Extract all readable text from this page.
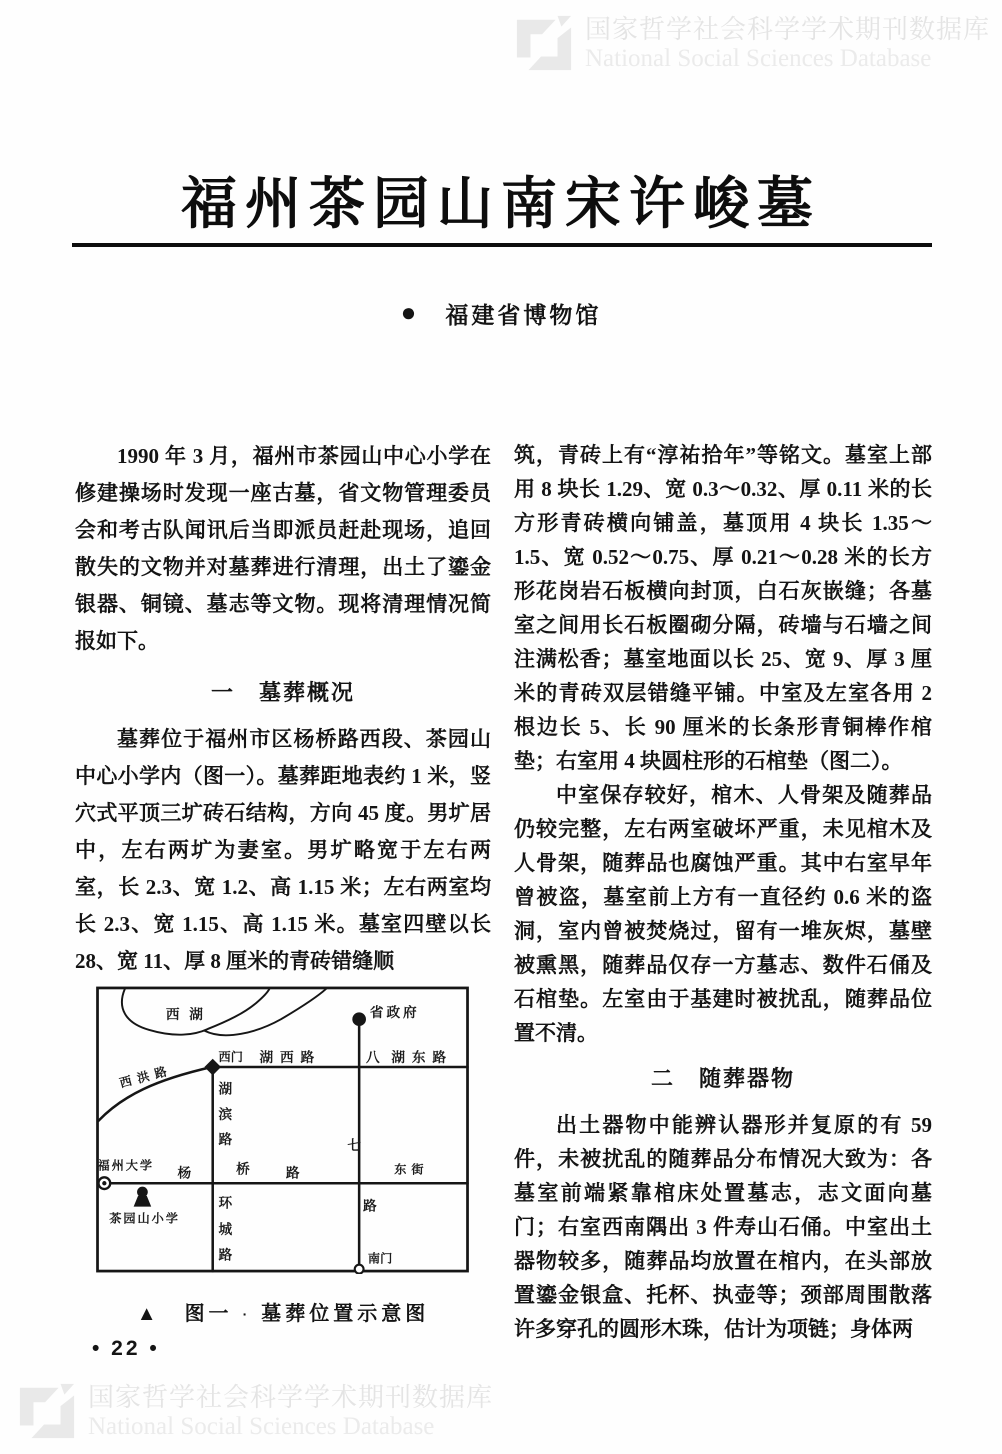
国家哲学社会科学学术期刊数据库
National Social Sciences Database
福州茶园山南宋许峻墓
● 福建省博物馆

1990 年 3 月，福州市茶园山中心小学在修建操场时发现一座古墓，省文物管理委员会和考古队闻讯后当即派员赶赴现场，追回散失的文物并对墓葬进行清理，出土了鎏金银器、铜镜、墓志等文物。现将清理情况简报如下。

一　墓葬概况

墓葬位于福州市区杨桥路西段、茶园山中心小学内（图一）。墓葬距地表约 1 米，竖穴式平顶三圹砖石结构，方向 45 度。男圹居中，左右两圹为妻室。男圹略宽于左右两室，长 2.3、宽 1.2、高 1.15 米；左右两室均长 2.3、宽 1.15、高 1.15 米。墓室四壁以长 28、宽 11、厚 8 厘米的青砖错缝顺

西湖
西洪路
西门 湖西路	八 湖东路
省政府
湖
滨
路	七
东街
福州大学 杨	桥	路
茶园山小学
环
城
路
路
南门
▲ 图一 · 墓葬位置示意图

筑，青砖上有“淳祐拾年”等铭文。墓室上部用 8 块长 1.29、宽 0.3～0.32、厚 0.11 米的长方形青砖横向铺盖，墓顶用 4 块长 1.35～1.5、宽 0.52～0.75、厚 0.21～0.28 米的长方形花岗岩石板横向封顶，白石灰嵌缝；各墓室之间用长石板圈砌分隔，砖墙与石墙之间注满松香；墓室地面以长 25、宽 9、厚 3 厘米的青砖双层错缝平铺。中室及左室各用 2 根边长 5、长 90 厘米的长条形青铜棒作棺垫；右室用 4 块圆柱形的石棺垫（图二）。

中室保存较好，棺木、人骨架及随葬品仍较完整，左右两室破坏严重，未见棺木及人骨架，随葬品也腐蚀严重。其中右室早年曾被盗，墓室前上方有一直径约 0.6 米的盗洞，室内曾被焚烧过，留有一堆灰烬，墓壁被熏黑，随葬品仅存一方墓志、数件石俑及石棺垫。左室由于基建时被扰乱，随葬品位置不清。

二　随葬器物

出土器物中能辨认器形并复原的有 59 件，未被扰乱的随葬品分布情况大致为：各墓室前端紧靠棺床处置墓志，志文面向墓门；右室西南隅出 3 件寿山石俑。中室出土器物较多，随葬品均放置在棺内，在头部放置鎏金银盒、托杯、执壶等；颈部周围散落许多穿孔的圆形木珠，估计为项链；身体两

• 22 •
国家哲学社会科学学术期刊数据库
National Social Sciences Database
